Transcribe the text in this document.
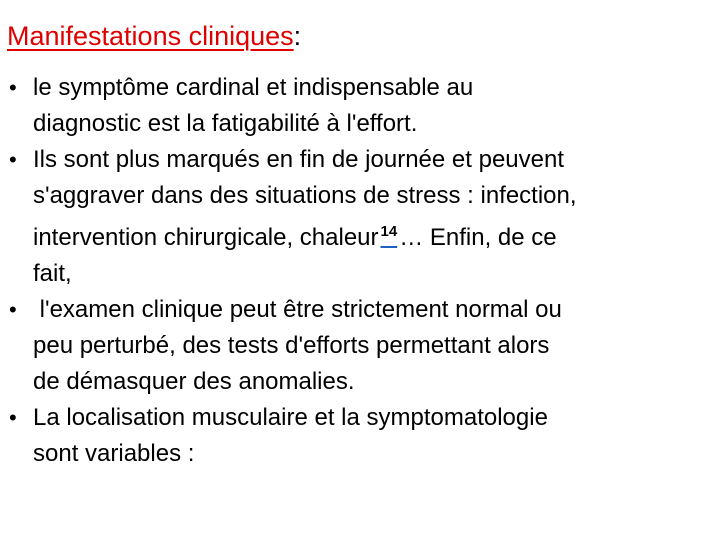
Manifestations cliniques:
• le symptôme cardinal et indispensable au
diagnostic est la fatigabilité à l'effort.
• Ils sont plus marqués en fin de journée et peuvent
s'aggraver dans des situations de stress : infection,
intervention chirurgicale, chaleur $^{14}$… Enfin, de ce
fait,
• l'examen clinique peut être strictement normal ou
peu perturbé, des tests d'efforts permettant alors
de démasquer des anomalies.
• La localisation musculaire et la symptomatologie
sont variables :
